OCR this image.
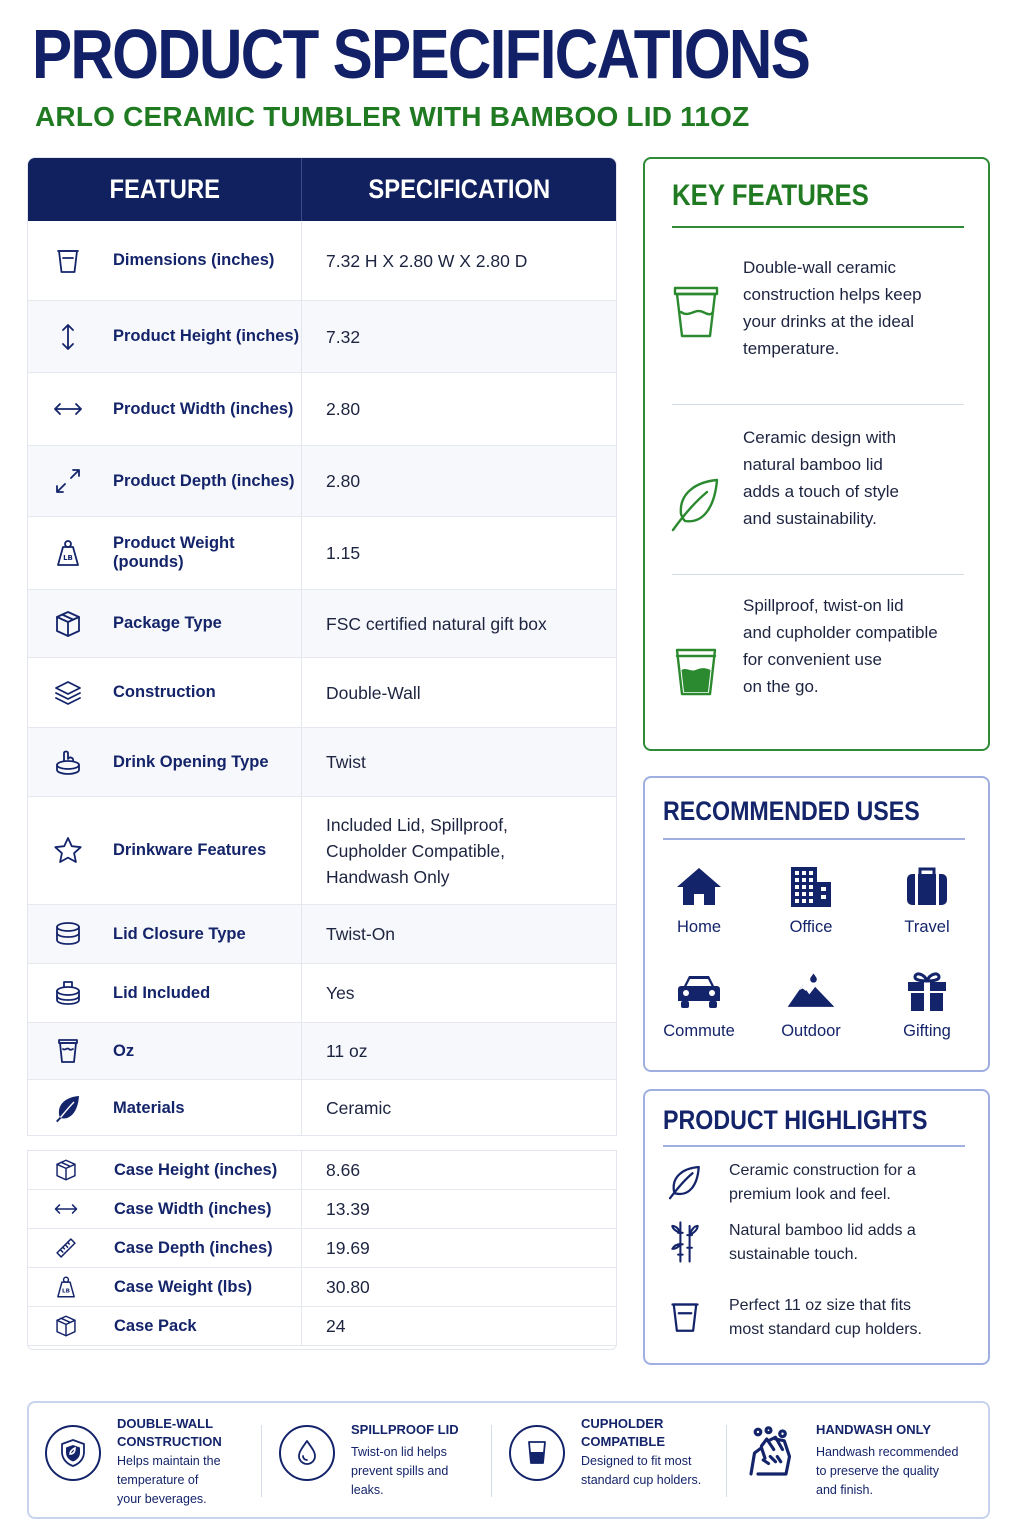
PRODUCT SPECIFICATIONS
ARLO CERAMIC TUMBLER WITH BAMBOO LID 11OZ
FEATURE	SPECIFICATION
Dimensions (inches)	7.32 H X 2.80 W X 2.80 D
Product Height (inches) 7.32
Product Width (inches) 2.80
Product Depth (inches) 2.80
LB
Product Weight (pounds)	1.15
Package Type	FSC certified natural gift box
Construction	Double-Wall
Drink Opening Type	Twist
Drinkware Features
Included Lid, Spillproof,
Cupholder Compatible,
Handwash Only
Lid Closure Type	Twist-On
Lid Included	Yes
Oz	11 oz
Materials	Ceramic
Case Height (inches)	8.66
Case Width (inches)	13.39
Case Depth (inches)	19.69
LB	Case Weight (lbs)	30.80
Case Pack	24
KEY FEATURES
Double-wall ceramic
construction helps keep
your drinks at the ideal
temperature.
Ceramic design with
natural bamboo lid
adds a touch of style
and sustainability.
Spillproof, twist-on lid
and cupholder compatible
for convenient use
on the go.
RECOMMENDED USES
Home	Office	Travel
Commute	Outdoor	Gifting
PRODUCT HIGHLIGHTS
Ceramic construction for a
premium look and feel.
Natural bamboo lid adds a
sustainable touch.
Perfect 11 oz size that fits
most standard cup holders.
DOUBLE-WALL
CONSTRUCTION
Helps maintain the
temperature of
your beverages.
SPILLPROOF LID
Twist-on lid helps
prevent spills and
leaks.
CUPHOLDER
COMPATIBLE
Designed to fit most
standard cup holders.
HANDWASH ONLY
Handwash recommended
to preserve the quality
and finish.
